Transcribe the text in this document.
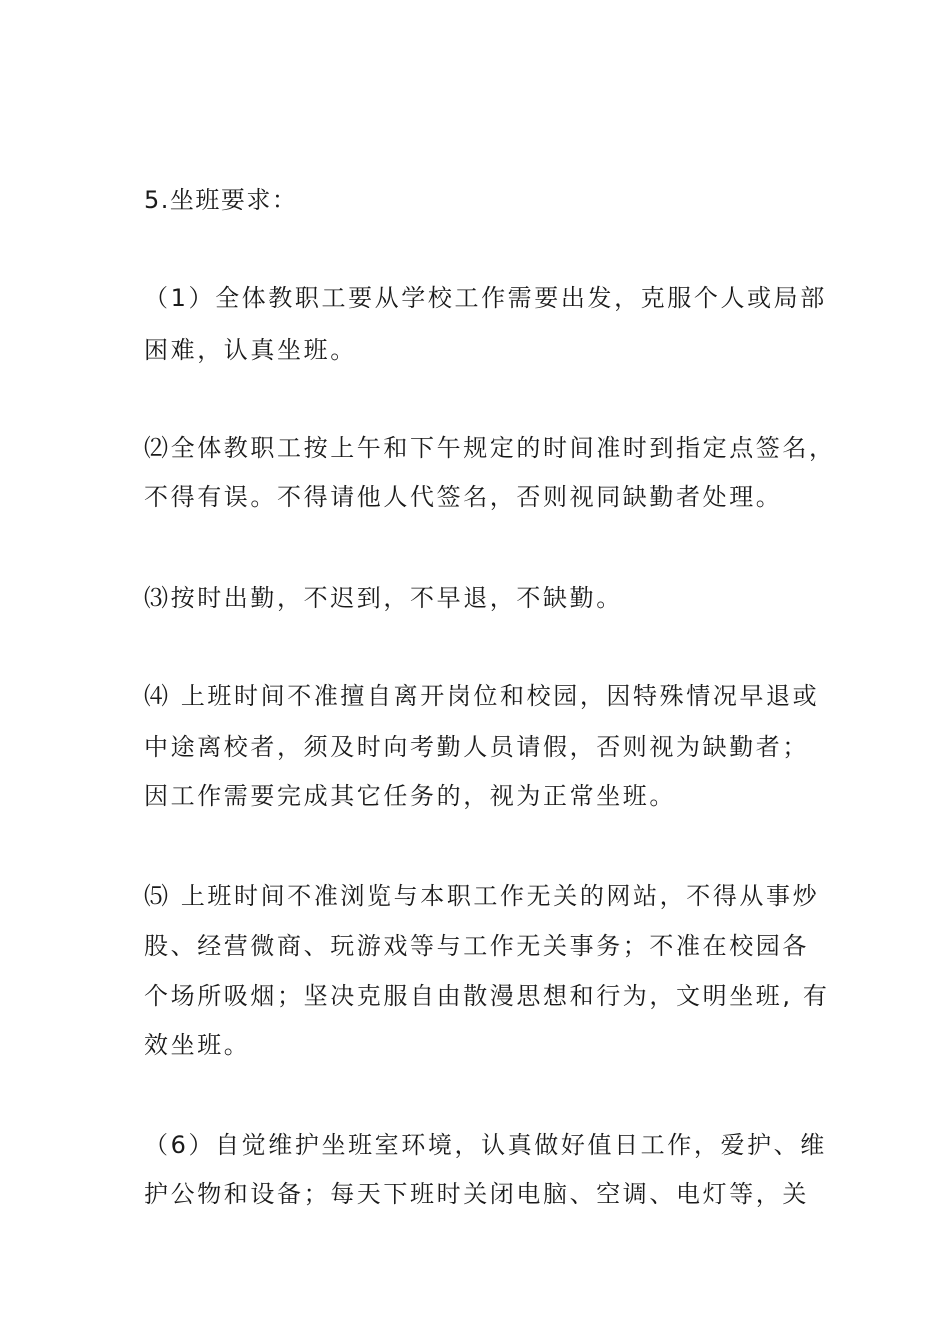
5.坐班要求：
（1）全体教职工要从学校工作需要出发，克服个人或局部
困难，认真坐班。
⑵全体教职工按上午和下午规定的时间准时到指定点签名，
不得有误。不得请他人代签名，否则视同缺勤者处理。
⑶按时出勤，不迟到，不早退，不缺勤。
⑷ 上班时间不准擅自离开岗位和校园，因特殊情况早退或
中途离校者，须及时向考勤人员请假，否则视为缺勤者；
因工作需要完成其它任务的，视为正常坐班。
⑸ 上班时间不准浏览与本职工作无关的网站，不得从事炒
股、经营微商、玩游戏等与工作无关事务；不准在校园各
个场所吸烟；坚决克服自由散漫思想和行为，文明坐班, 有
效坐班。
（6）自觉维护坐班室环境，认真做好值日工作，爱护、维
护公物和设备；每天下班时关闭电脑、空调、电灯等，关
